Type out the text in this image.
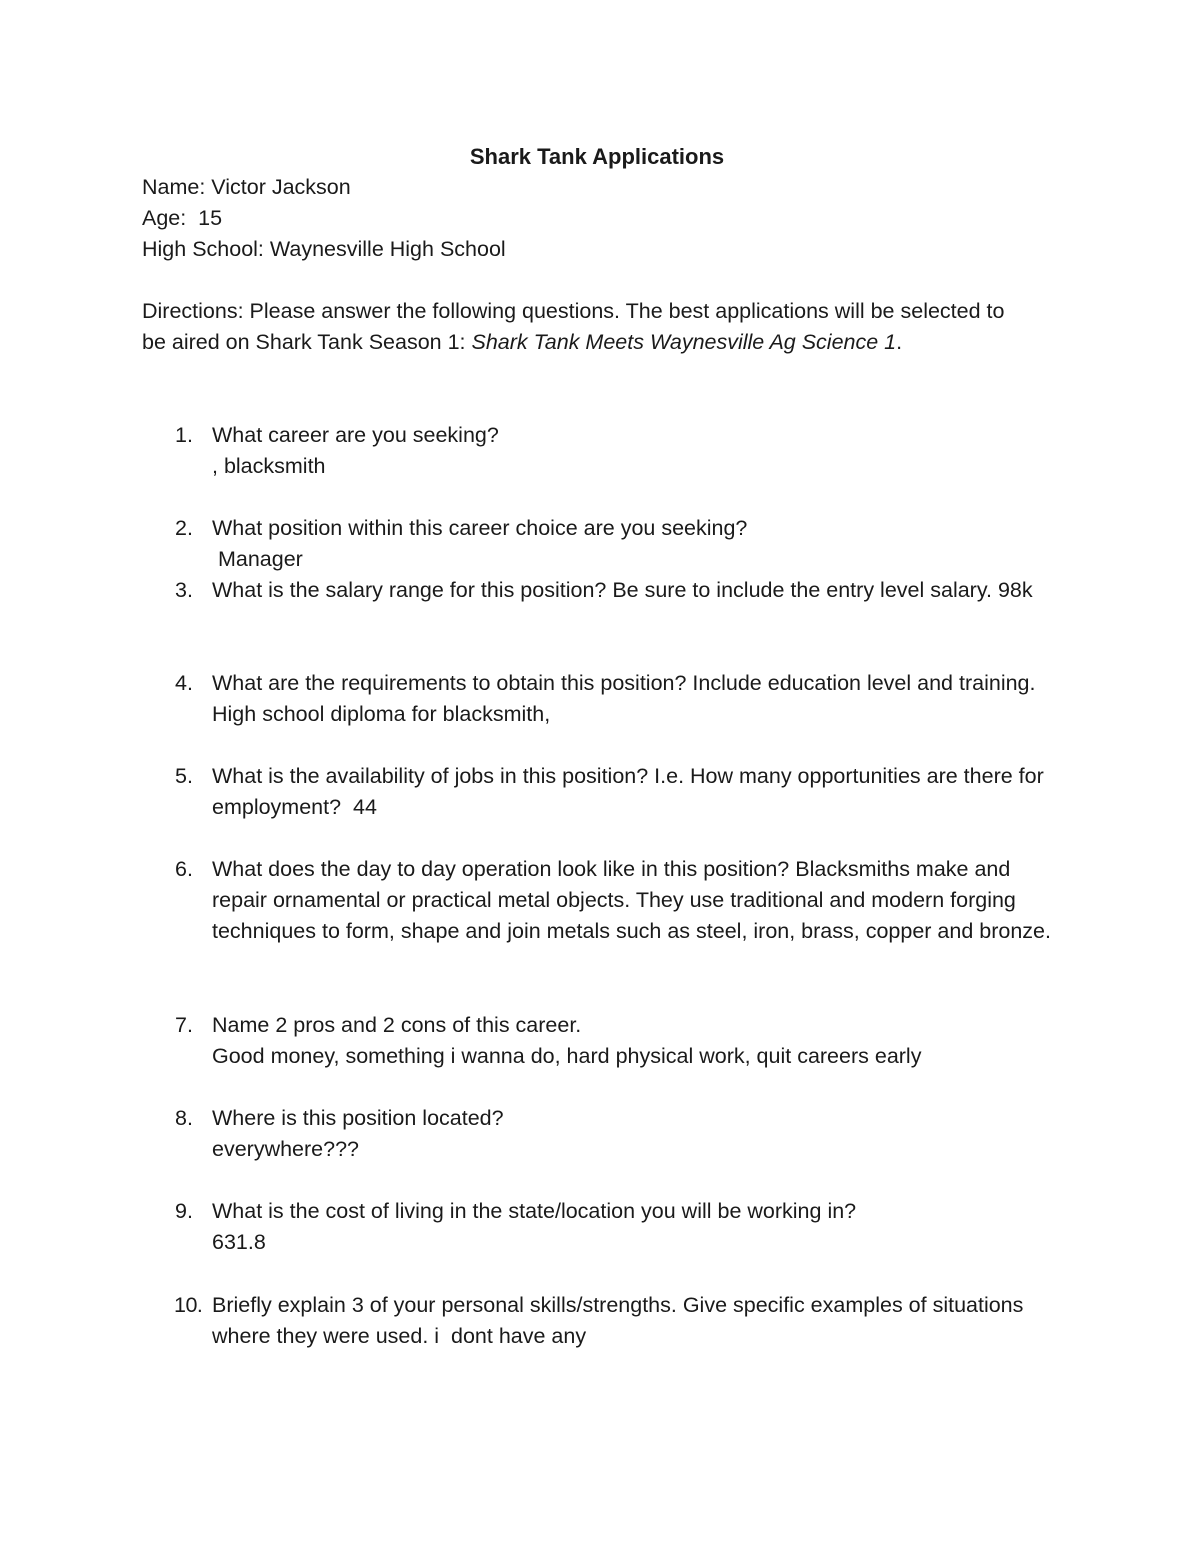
Shark Tank Applications
Name: Victor Jackson
Age:  15
High School: Waynesville High School

Directions: Please answer the following questions. The best applications will be selected to be aired on Shark Tank Season 1: Shark Tank Meets Waynesville Ag Science 1.

1. What career are you seeking?
, blacksmith
2. What position within this career choice are you seeking?
Manager
3. What is the salary range for this position? Be sure to include the entry level salary. 98k
4. What are the requirements to obtain this position? Include education level and training.  High school diploma for blacksmith,
5. What is the availability of jobs in this position? I.e. How many opportunities are there for employment?  44
6. What does the day to day operation look like in this position? Blacksmiths make and repair ornamental or practical metal objects. They use traditional and modern forging techniques to form, shape and join metals such as steel, iron, brass, copper and bronze.
7. Name 2 pros and 2 cons of this career.
Good money, something i wanna do, hard physical work, quit careers early
8. Where is this position located?
everywhere???
9. What is the cost of living in the state/location you will be working in?
631.8
10. Briefly explain 3 of your personal skills/strengths. Give specific examples of situations where they were used. i  dont have any
